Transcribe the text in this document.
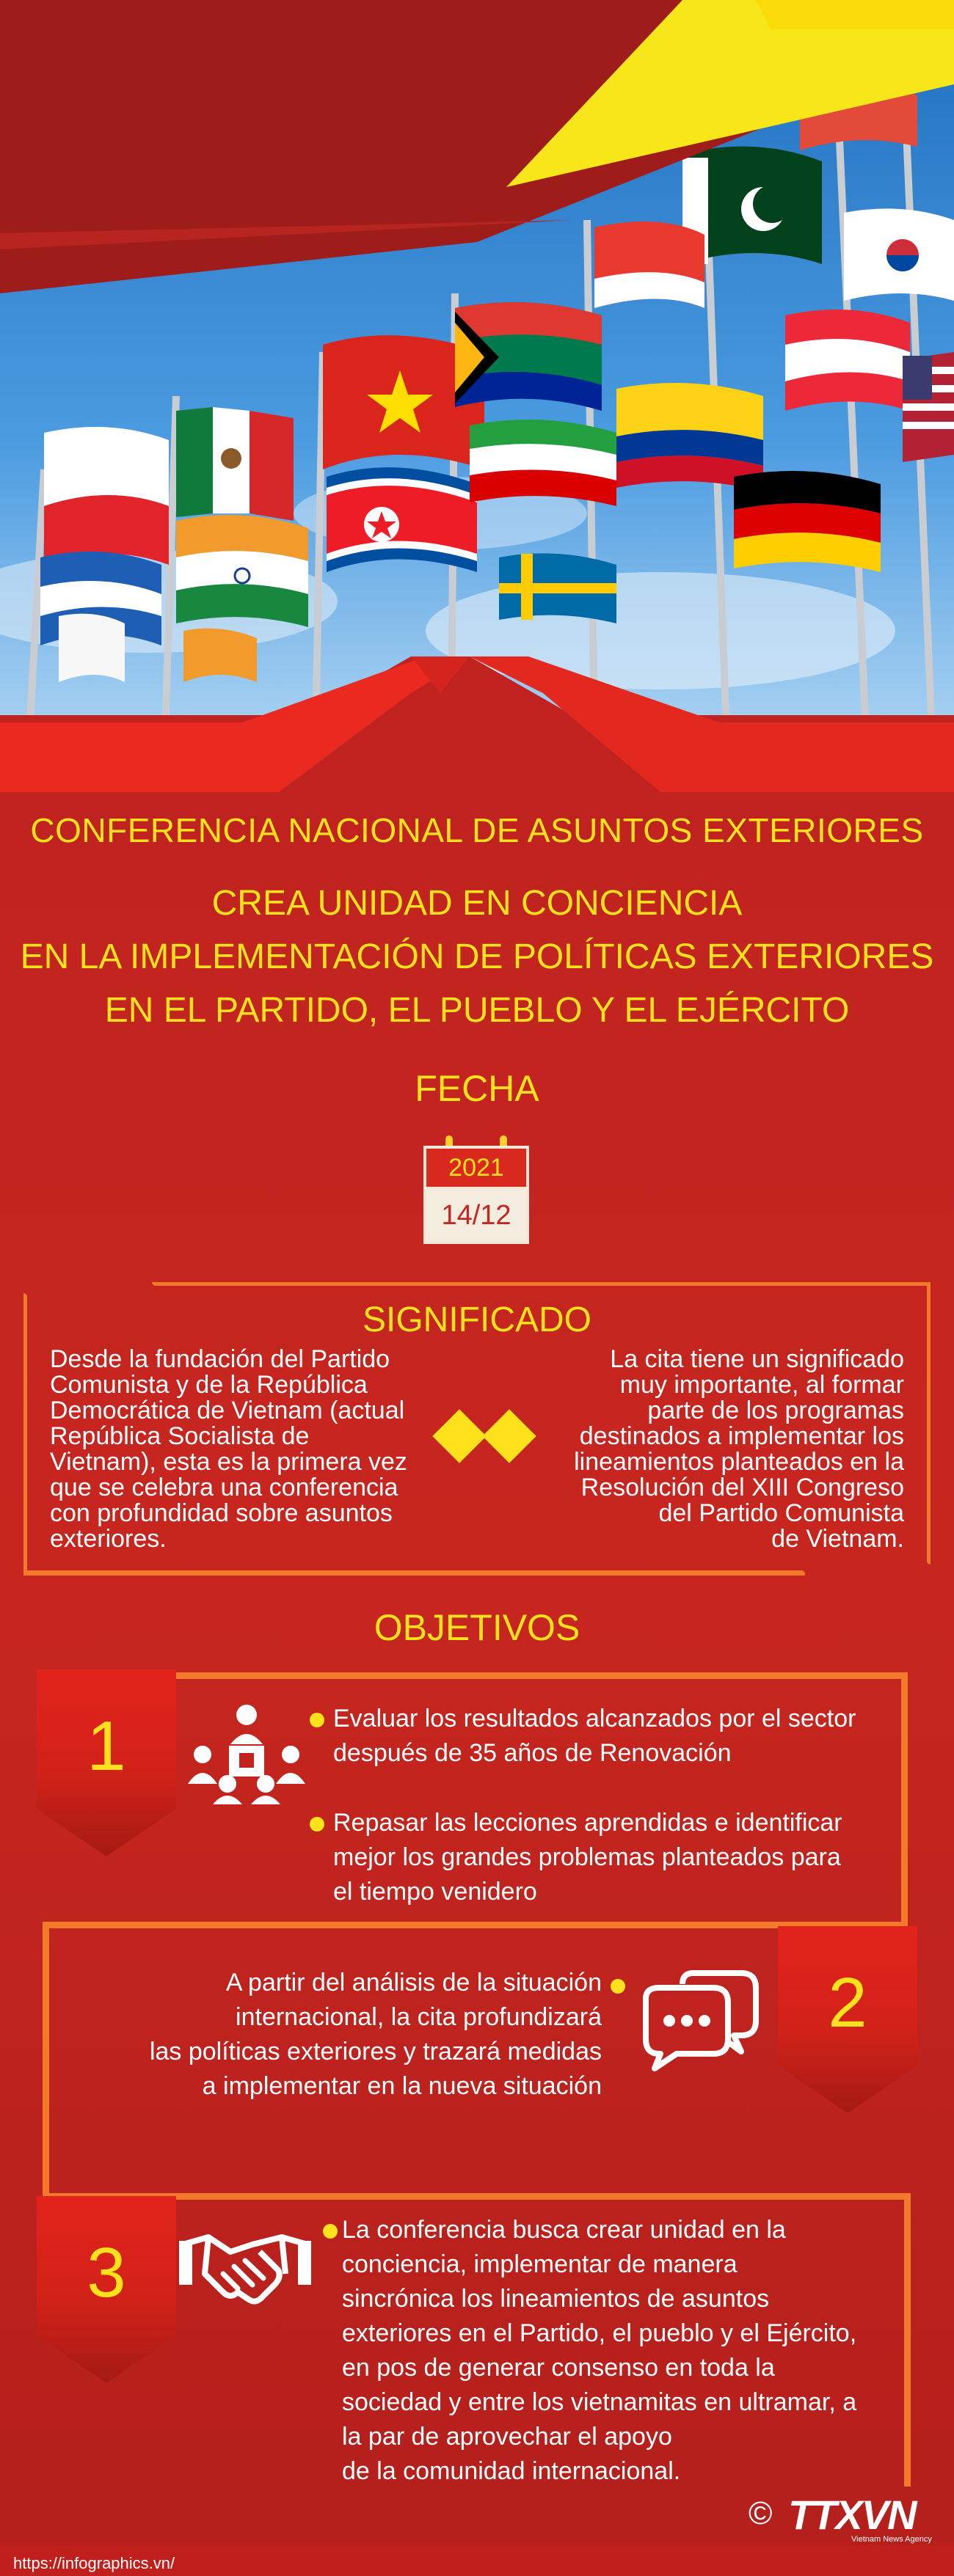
CONFERENCIA NACIONAL DE ASUNTOS EXTERIORES
CREA UNIDAD EN CONCIENCIA
EN LA IMPLEMENTACIÓN DE POLÍTICAS EXTERIORES
EN EL PARTIDO, EL PUEBLO Y EL EJÉRCITO
FECHA
2021
14/12
SIGNIFICADO
Desde la fundación del Partido
Comunista y de la República
Democrática de Vietnam (actual
República Socialista de
Vietnam), esta es la primera vez
que se celebra una conferencia
con profundidad sobre asuntos
exteriores.
La cita tiene un significado
muy importante, al formar
parte de los programas
destinados a implementar los
lineamientos planteados en la
Resolución del XIII Congreso
del Partido Comunista
de Vietnam.
OBJETIVOS
1	Evaluar los resultados alcanzados por el sector
después de 35 años de Renovación
Repasar las lecciones aprendidas e identificar
mejor los grandes problemas planteados para
el tiempo venidero
A partir del análisis de la situación
internacional, la cita profundizará
las políticas exteriores y trazará medidas
a implementar en la nueva situación
2
3
La conferencia busca crear unidad en la
conciencia, implementar de manera
sincrónica los lineamientos de asuntos
exteriores en el Partido, el pueblo y el Ejército,
en pos de generar consenso en toda la
sociedad y entre los vietnamitas en ultramar, a
la par de aprovechar el apoyo
de la comunidad internacional.
https://infographics.vn/
© TTXVN
Vietnam News Agency
